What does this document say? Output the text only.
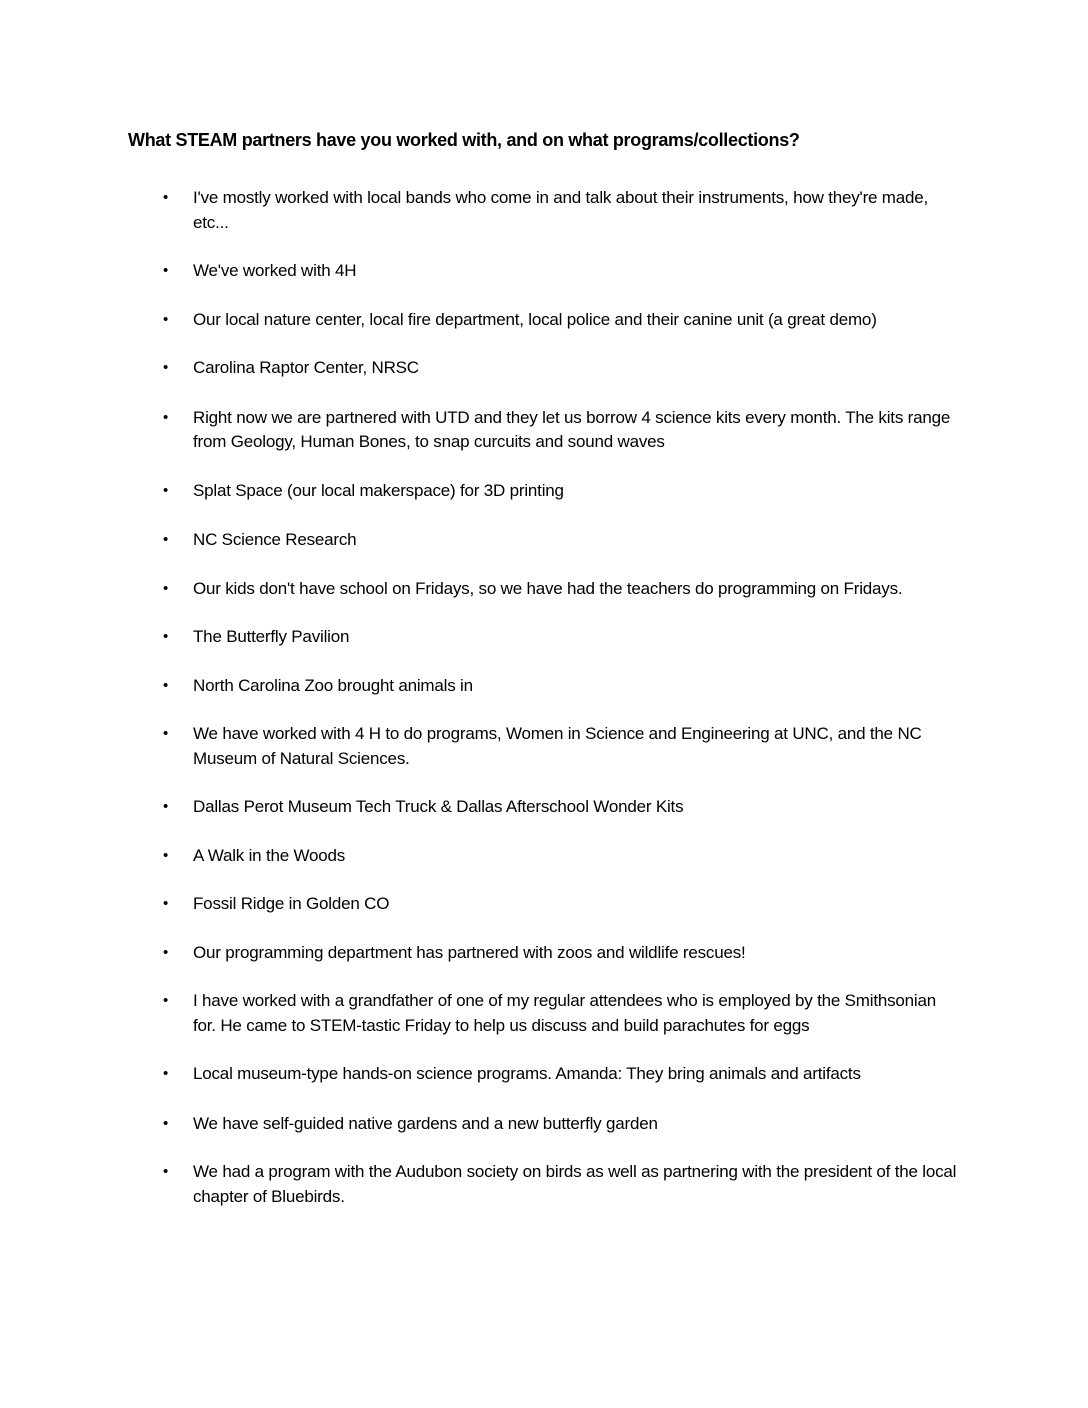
What STEAM partners have you worked with, and on what programs/collections?
• I've mostly worked with local bands who come in and talk about their instruments, how they're made, etc...
• We've worked with 4H
• Our local nature center, local fire department, local police and their canine unit (a great demo)
• Carolina Raptor Center, NRSC
• Right now we are partnered with UTD and they let us borrow 4 science kits every month. The kits range from Geology, Human Bones, to snap curcuits and sound waves
• Splat Space (our local makerspace) for 3D printing
• NC Science Research
• Our kids don't have school on Fridays, so we have had the teachers do programming on Fridays.
• The Butterfly Pavilion
• North Carolina Zoo brought animals in
• We have worked with 4 H to do programs, Women in Science and Engineering at UNC, and the NC Museum of Natural Sciences.
• Dallas Perot Museum Tech Truck & Dallas Afterschool Wonder Kits
• A Walk in the Woods
• Fossil Ridge in Golden CO
• Our programming department has partnered with zoos and wildlife rescues!
• I have worked with a grandfather of one of my regular attendees who is employed by the Smithsonian for. He came to STEM-tastic Friday to help us discuss and build parachutes for eggs
• Local museum-type hands-on science programs. Amanda: They bring animals and artifacts
• We have self-guided native gardens and a new butterfly garden
• We had a program with the Audubon society on birds as well as partnering with the president of the local chapter of Bluebirds.
